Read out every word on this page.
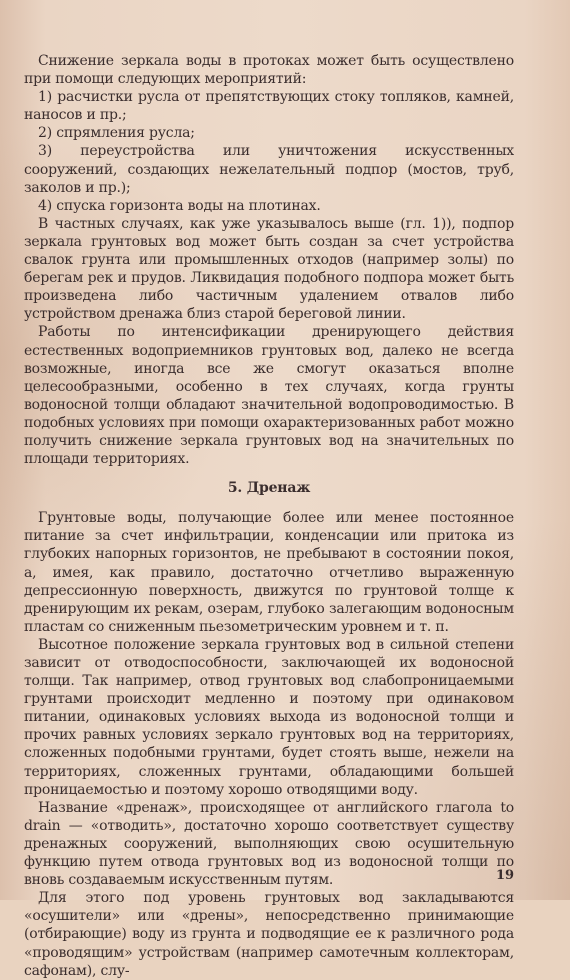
Снижение зеркала воды в протоках может быть осуществлено при помощи следующих мероприятий:

1) расчистки русла от препятствующих стоку топляков, камней, наносов и пр.;

2) спрямления русла;

3) переустройства или уничтожения искусственных сооружений, создающих нежелательный подпор (мостов, труб, заколов и пр.);

4) спуска горизонта воды на плотинах.

В частных случаях, как уже указывалось выше (гл. 1)), подпор зеркала грунтовых вод может быть создан за счет устройства свалок грунта или промышленных отходов (например золы) по берегам рек и прудов. Ликвидация подобного подпора может быть произведена либо частичным удалением отвалов либо устройством дренажа близ старой береговой линии.

Работы по интенсификации дренирующего действия естественных водоприемников грунтовых вод, далеко не всегда возможные, иногда все же смогут оказаться вполне целесообразными, особенно в тех случаях, когда грунты водоносной толщи обладают значительной водопроводимостью. В подобных условиях при помощи охарактеризованных работ можно получить снижение зеркала грунтовых вод на значительных по площади территориях.

5. Дренаж

Грунтовые воды, получающие более или менее постоянное питание за счет инфильтрации, конденсации или притока из глубоких напорных горизонтов, не пребывают в состоянии покоя, а, имея, как правило, достаточно отчетливо выраженную депрессионную поверхность, движутся по грунтовой толще к дренирующим их рекам, озерам, глубоко залегающим водоносным пластам со сниженным пьезометрическим уровнем и т. п.

Высотное положение зеркала грунтовых вод в сильной степени зависит от отводоспособности, заключающей их водоносной толщи. Так например, отвод грунтовых вод слабопроницаемыми грунтами происходит медленно и поэтому при одинаковом питании, одинаковых условиях выхода из водоносной толщи и прочих равных условиях зеркало грунтовых вод на территориях, сложенных подобными грунтами, будет стоять выше, нежели на территориях, сложенных грунтами, обладающими большей проницаемостью и поэтому хорошо отводящими воду.

Название «дренаж», происходящее от английского глагола to drain — «отводить», достаточно хорошо соответствует существу дренажных сооружений, выполняющих свою осушительную функцию путем отвода грунтовых вод из водоносной толщи по вновь создаваемым искусственным путям.

Для этого под уровень грунтовых вод закладываются «осушители» или «дрены», непосредственно принимающие (отбирающие) воду из грунта и подводящие ее к различного рода «проводящим» устройствам (например самотечным коллекторам, сафонам), слу-

19
